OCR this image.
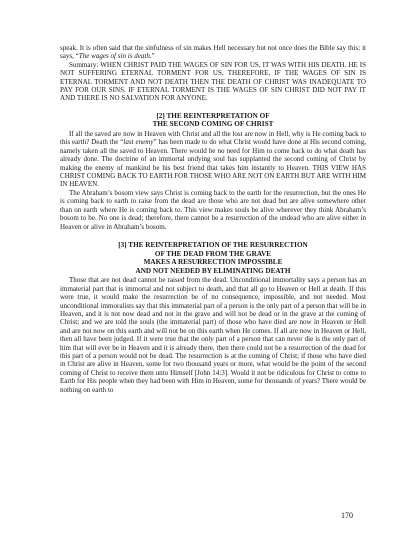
speak. It is often said that the sinfulness of sin makes Hell necessary but not once does the Bible say this; it says, “The wages of sin is death.”

Summary: WHEN CHRIST PAID THE WAGES OF SIN FOR US, IT WAS WITH HIS DEATH. HE IS NOT SUFFERING ETERNAL TORMENT FOR US, THEREFORE, IF THE WAGES OF SIN IS ETERNAL TORMENT AND NOT DEATH THEN THE DEATH OF CHRIST WAS INADEQUATE TO PAY FOR OUR SINS. IF ETERNAL TORMENT IS THE WAGES OF SIN CHRIST DID NOT PAY IT AND THERE IS NO SALVATION FOR ANYONE.

[2] THE REINTERPRETATION OF
THE SECOND COMING OF CHRIST

If all the saved are now in Heaven with Christ and all the lost are now in Hell, why is He coming back to this earth? Death the “last enemy” has been made to do what Christ would have done at His second coming, namely taken all the saved to Heaven. There would be no need for Him to come back to do what death has already done. The doctrine of an immortal undying soul has supplanted the second coming of Christ by making the enemy of mankind be his best friend that takes him instantly to Heaven. THIS VIEW HAS CHRIST COMING BACK TO EARTH FOR THOSE WHO ARE NOT ON EARTH BUT ARE WITH HIM IN HEAVEN.

The Abraham’s bosom view says Christ is coming back to the earth for the resurrection, but the ones He is coming back to earth to raise from the dead are those who are not dead but are alive somewhere other than on earth where He is coming back to. This view makes souls be alive wherever they think Abraham’s bosom to be. No one is dead; therefore, there cannot be a resurrection of the undead who are alive either in Heaven or alive in Abraham’s bosom.

[3] THE REINTERPRETATION OF THE RESURRECTION
OF THE DEAD FROM THE GRAVE
MAKES A RESURRECTION IMPOSSIBLE
AND NOT NEEDED BY ELIMINATING DEATH

Those that are not dead cannot be raised from the dead. Unconditional immortality says a person has an immaterial part that is immortal and not subject to death, and that all go to Heaven or Hell at death. If this were true, it would make the resurrection be of no consequence, impossible, and not needed. Most unconditional immoralists say that this immaterial part of a person is the only part of a person that will be in Heaven, and it is not now dead and not in the grave and will not be dead or in the grave at the coming of Christ; and we are told the souls (the immaterial part) of those who have died are now in Heaven or Hell and are not now on this earth and will not be on this earth when He comes. If all are now in Heaven or Hell, then all have been judged. If it were true that the only part of a person that can never die is the only part of him that will ever be in Heaven and it is already there, then there could not be a resurrection of the dead for this part of a person would not be dead. The resurrection is at the coming of Christ; if those who have died in Christ are alive in Heaven, some for two thousand years or more, what would be the point of the second coming of Christ to receive them unto Himself [John 14:3]. Would it not be ridiculous for Christ to come to Earth for His people when they had been with Him in Heaven, some for thousands of years? There would be nothing on earth to

170
